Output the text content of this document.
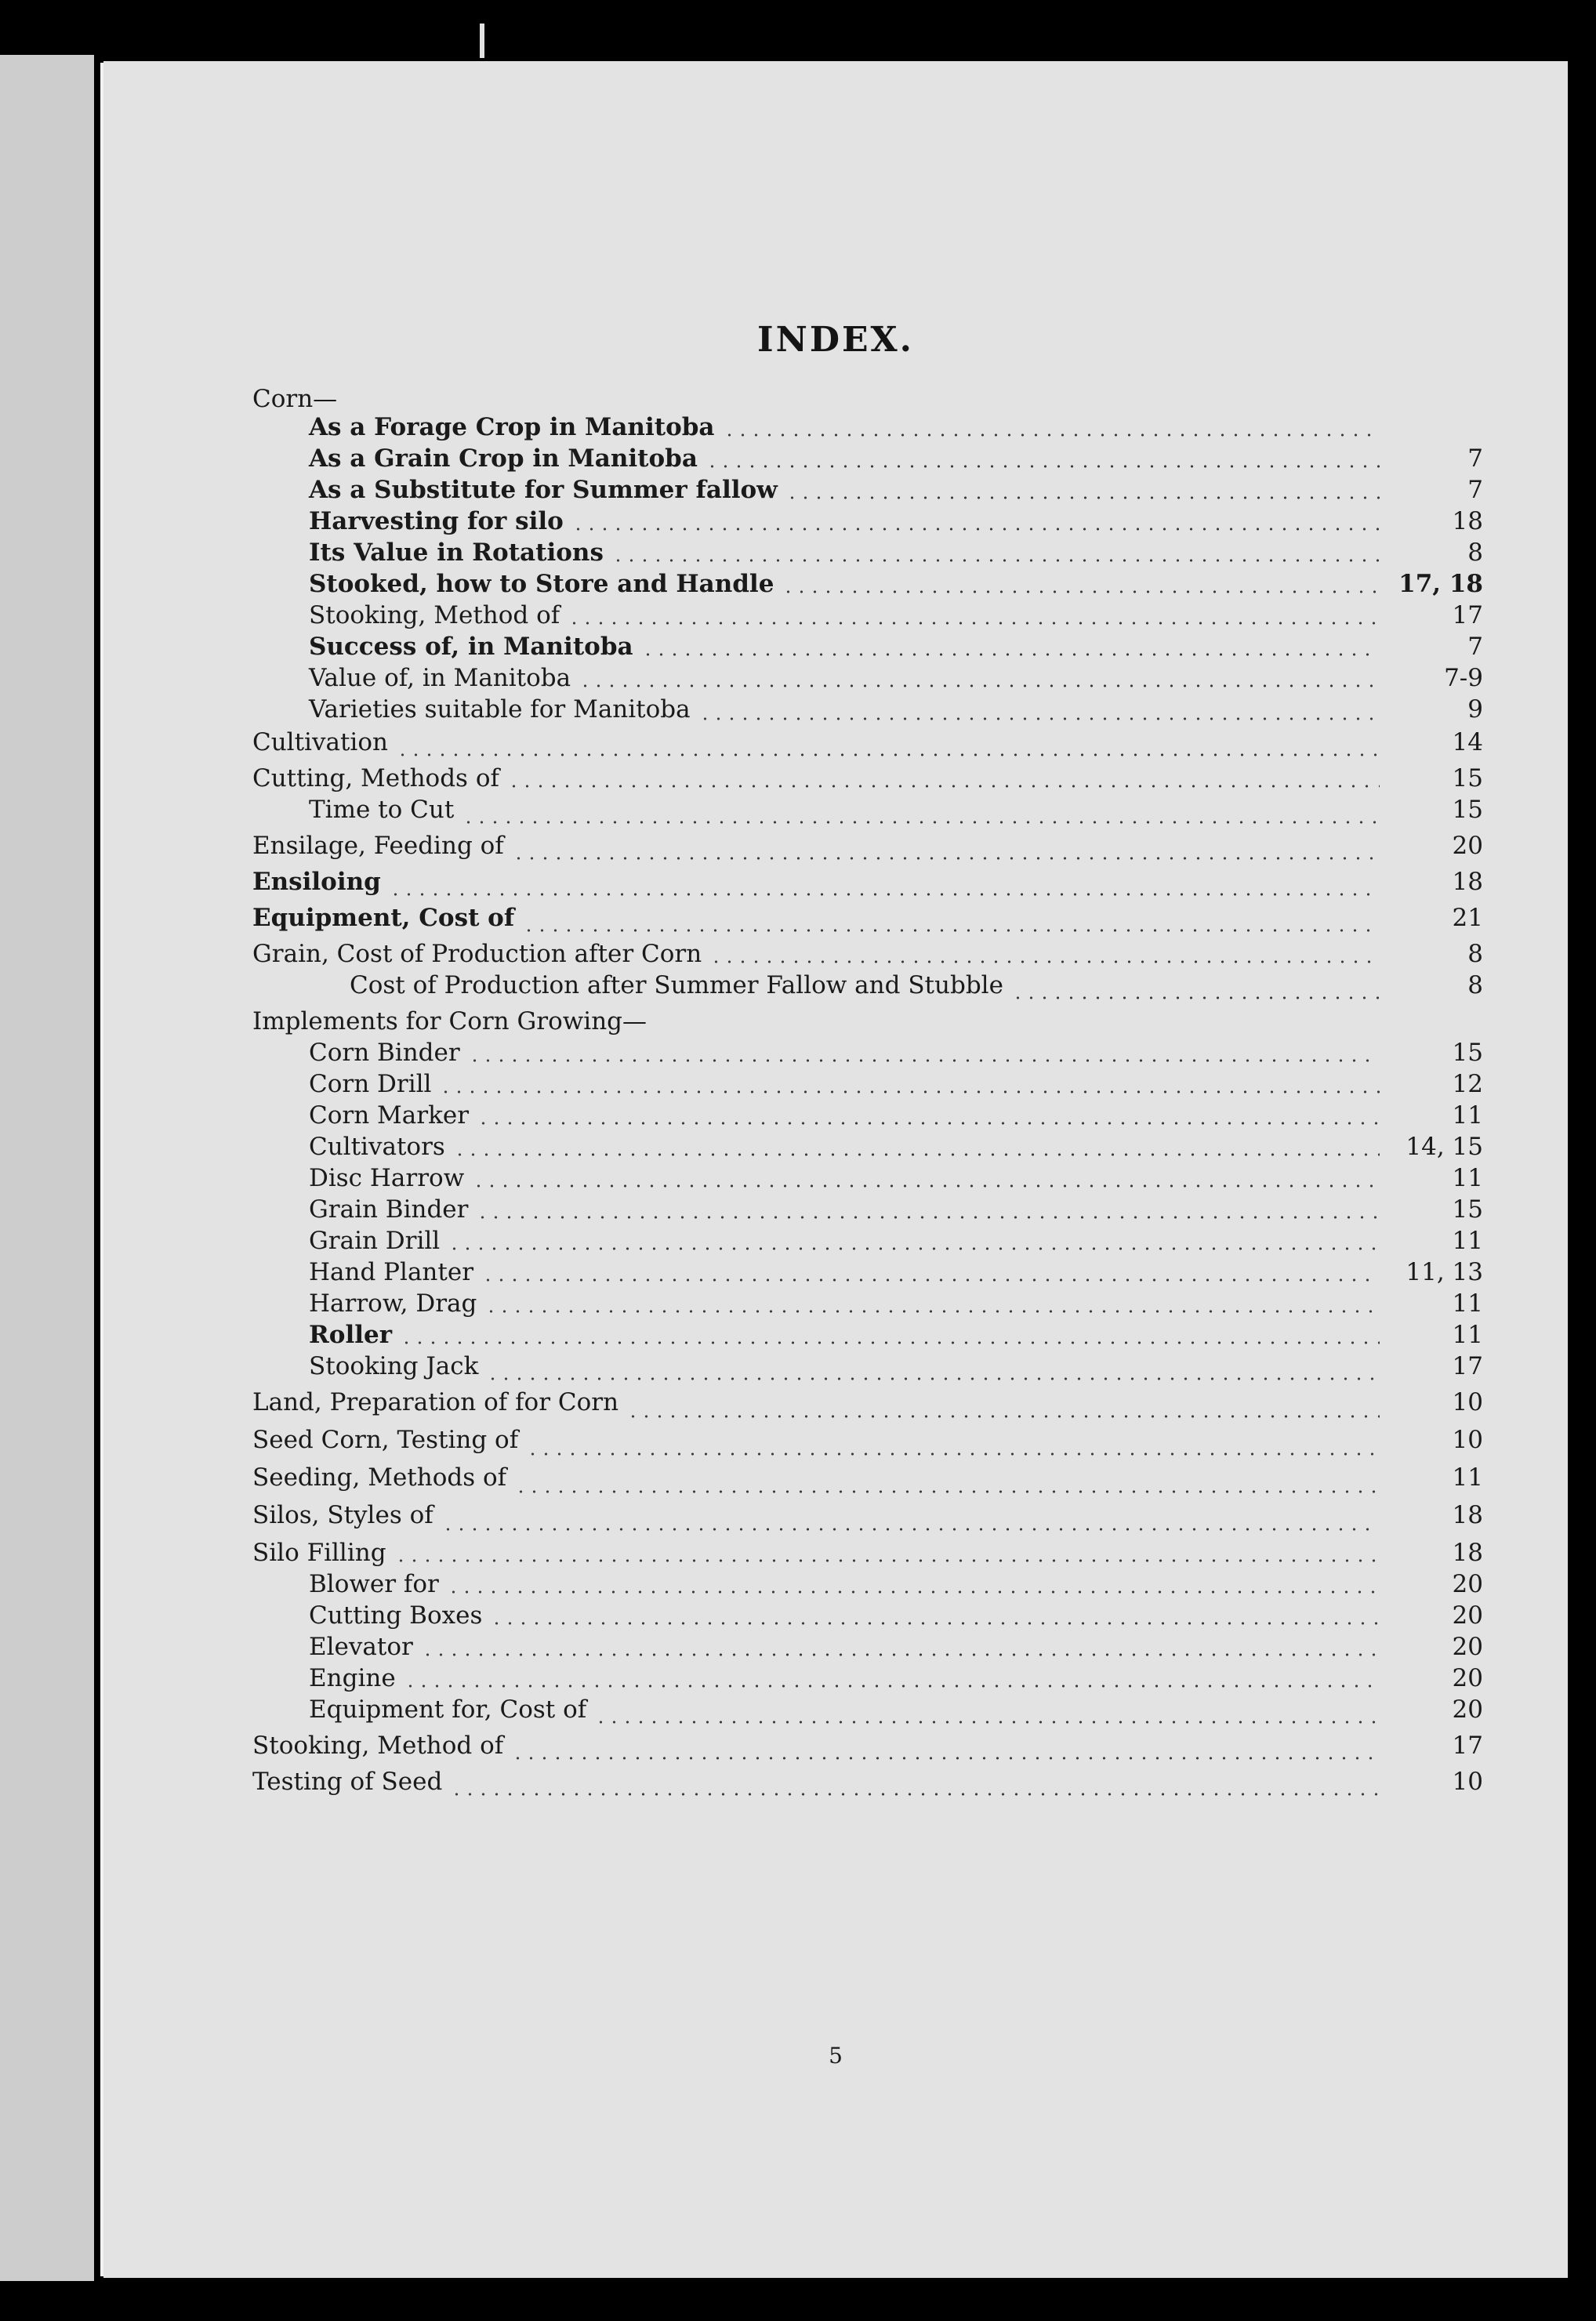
INDEX.
Corn—
As a Forage Crop in Manitoba
As a Grain Crop in Manitoba	7
As a Substitute for Summer fallow	7
Harvesting for silo	18
Its Value in Rotations	8
Stooked, how to Store and Handle	17, 18
Stooking, Method of	17
Success of, in Manitoba	7
Value of, in Manitoba	7-9
Varieties suitable for Manitoba	9
Cultivation	14
Cutting, Methods of	15
Time to Cut	15
Ensilage, Feeding of	20
Ensiloing	18
Equipment, Cost of	21
Grain, Cost of Production after Corn	8
Cost of Production after Summer Fallow and Stubble	8
Implements for Corn Growing—
Corn Binder	15
Corn Drill	12
Corn Marker	11
Cultivators	14, 15
Disc Harrow	11
Grain Binder	15
Grain Drill	11
Hand Planter	11, 13
Harrow, Drag	11
Roller	11
Stooking Jack	17
Land, Preparation of for Corn	10
Seed Corn, Testing of	10
Seeding, Methods of	11
Silos, Styles of	18
Silo Filling	18
Blower for	20
Cutting Boxes	20
Elevator	20
Engine	20
Equipment for, Cost of	20
Stooking, Method of	17
Testing of Seed	10
5
